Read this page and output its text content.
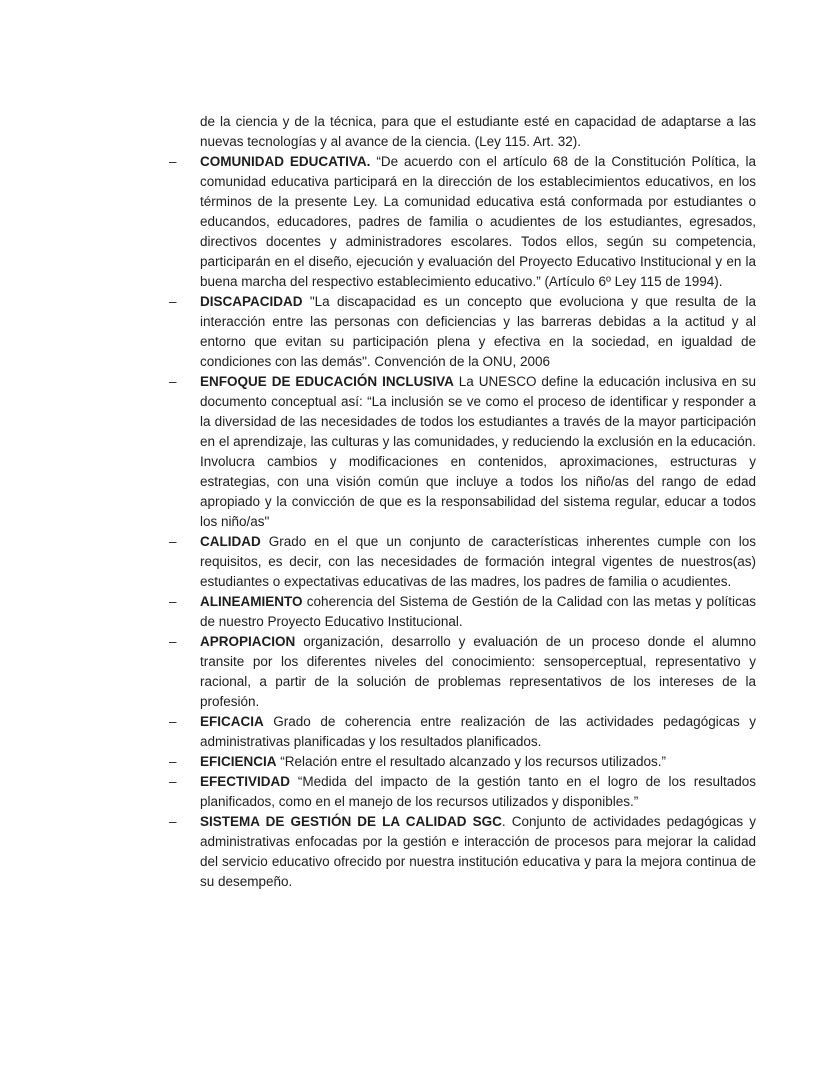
de la ciencia y de la técnica, para que el estudiante esté en capacidad de adaptarse a las nuevas tecnologías y al avance de la ciencia. (Ley 115. Art. 32).

– COMUNIDAD EDUCATIVA. “De acuerdo con el artículo 68 de la Constitución Política, la comunidad educativa participará en la dirección de los establecimientos educativos, en los términos de la presente Ley. La comunidad educativa está conformada por estudiantes o educandos, educadores, padres de familia o acudientes de los estudiantes, egresados, directivos docentes y administradores escolares. Todos ellos, según su competencia, participarán en el diseño, ejecución y evaluación del Proyecto Educativo Institucional y en la buena marcha del respectivo establecimiento educativo.” (Artículo 6º Ley 115 de 1994).

– DISCAPACIDAD "La discapacidad es un concepto que evoluciona y que resulta de la interacción entre las personas con deficiencias y las barreras debidas a la actitud y al entorno que evitan su participación plena y efectiva en la sociedad, en igualdad de condiciones con las demás". Convención de la ONU, 2006

– ENFOQUE DE EDUCACIÓN INCLUSIVA La UNESCO define la educación inclusiva en su documento conceptual así: “La inclusión se ve como el proceso de identificar y responder a la diversidad de las necesidades de todos los estudiantes a través de la mayor participación en el aprendizaje, las culturas y las comunidades, y reduciendo la exclusión en la educación. Involucra cambios y modificaciones en contenidos, aproximaciones, estructuras y estrategias, con una visión común que incluye a todos los niño/as del rango de edad apropiado y la convicción de que es la responsabilidad del sistema regular, educar a todos los niño/as"

– CALIDAD Grado en el que un conjunto de características inherentes cumple con los requisitos, es decir, con las necesidades de formación integral vigentes de nuestros(as) estudiantes o expectativas educativas de las madres, los padres de familia o acudientes.

– ALINEAMIENTO coherencia del Sistema de Gestión de la Calidad con las metas y políticas de nuestro Proyecto Educativo Institucional.

– APROPIACION organización, desarrollo y evaluación de un proceso donde el alumno transite por los diferentes niveles del conocimiento: sensoperceptual, representativo y racional, a partir de la solución de problemas representativos de los intereses de la profesión.

– EFICACIA Grado de coherencia entre realización de las actividades pedagógicas y administrativas planificadas y los resultados planificados.

– EFICIENCIA “Relación entre el resultado alcanzado y los recursos utilizados.”

– EFECTIVIDAD “Medida del impacto de la gestión tanto en el logro de los resultados planificados, como en el manejo de los recursos utilizados y disponibles.”

– SISTEMA DE GESTIÓN DE LA CALIDAD SGC. Conjunto de actividades pedagógicas y administrativas enfocadas por la gestión e interacción de procesos para mejorar la calidad del servicio educativo ofrecido por nuestra institución educativa y para la mejora continua de su desempeño.
